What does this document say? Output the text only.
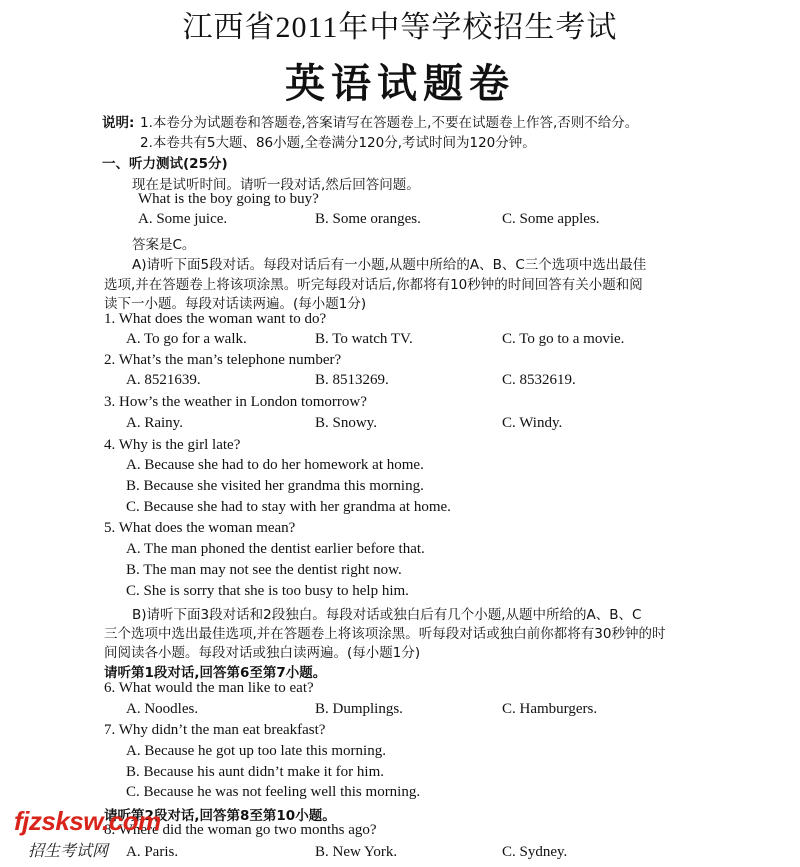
江西省2011年中等学校招生考试
英语试题卷
说明: 1.本卷分为试题卷和答题卷,答案请写在答题卷上,不要在试题卷上作答,否则不给分。
2.本卷共有5大题、86小题,全卷满分120分,考试时间为120分钟。
一、听力测试(25分)
现在是试听时间。请听一段对话,然后回答问题。
What is the boy going to buy?
A. Some juice.	B. Some oranges.	C. Some apples.
答案是C。
A)请听下面5段对话。每段对话后有一小题,从题中所给的A、B、C三个选项中选出最佳
选项,并在答题卷上将该项涂黑。听完每段对话后,你都将有10秒钟的时间回答有关小题和阅
读下一小题。每段对话读两遍。(每小题1分)
1. What does the woman want to do?
A. To go for a walk.	B. To watch TV.	C. To go to a movie.
2. What’s the man’s telephone number?
A. 8521639.	B. 8513269.	C. 8532619.
3. How’s the weather in London tomorrow?
A. Rainy.	B. Snowy.	C. Windy.
4. Why is the girl late?
A. Because she had to do her homework at home.
B. Because she visited her grandma this morning.
C. Because she had to stay with her grandma at home.
5. What does the woman mean?
A. The man phoned the dentist earlier before that.
B. The man may not see the dentist right now.
C. She is sorry that she is too busy to help him.
B)请听下面3段对话和2段独白。每段对话或独白后有几个小题,从题中所给的A、B、C
三个选项中选出最佳选项,并在答题卷上将该项涂黑。听每段对话或独白前你都将有30秒钟的时
间阅读各小题。每段对话或独白读两遍。(每小题1分)
请听第1段对话,回答第6至第7小题。
6. What would the man like to eat?
A. Noodles.	B. Dumplings.	C. Hamburgers.
7. Why didn’t the man eat breakfast?
A. Because he got up too late this morning.
B. Because his aunt didn’t make it for him.
C. Because he was not feeling well this morning.
请听第2段对话,回答第8至第10小题。
8. Where did the woman go two months ago?
A. Paris.	B. New York.	C. Sydney.
fjzsksw.com
招生考试网
